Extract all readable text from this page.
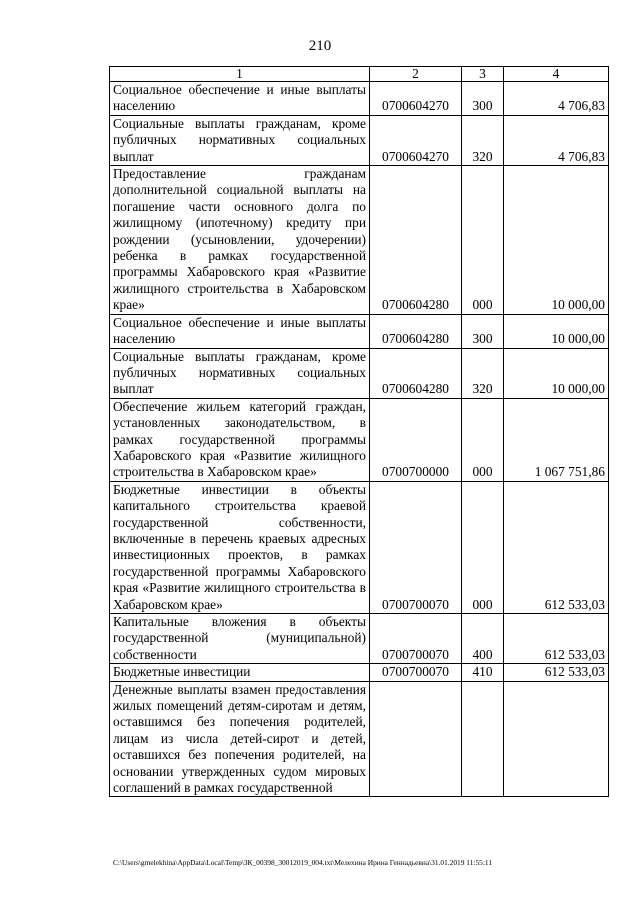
210
1	2	3	4
Социальное обеспечение и иные выплаты населению	0700604270	300	4 706,83
Социальные выплаты гражданам, кроме публичных нормативных социальных выплат	0700604270	320	4 706,83
Предоставление гражданам дополнительной социальной выплаты на погашение части основного долга по жилищному (ипотечному) кредиту при рождении (усыновлении, удочерении) ребенка в рамках государственной программы Хабаровского края «Развитие жилищного строительства в Хабаровском крае»	0700604280	000	10 000,00
Социальное обеспечение и иные выплаты населению	0700604280	300	10 000,00
Социальные выплаты гражданам, кроме публичных нормативных социальных выплат	0700604280	320	10 000,00
Обеспечение жильем категорий граждан, установленных законодательством, в рамках государственной программы Хабаровского края «Развитие жилищного строительства в Хабаровском крае»	0700700000	000	1 067 751,86
Бюджетные инвестиции в объекты капитального строительства краевой государственной собственности, включенные в перечень краевых адресных инвестиционных проектов, в рамках государственной программы Хабаровского края «Развитие жилищного строительства в Хабаровском крае»	0700700070	000	612 533,03
Капитальные вложения в объекты государственной (муниципальной) собственности	0700700070	400	612 533,03
Бюджетные инвестиции	0700700070	410	612 533,03
Денежные выплаты взамен предоставления жилых помещений детям-сиротам и детям, оставшимся без попечения родителей, лицам из числа детей-сирот и детей, оставшихся без попечения родителей, на основании утвержденных судом мировых соглашений в рамках государственной			
C:\Users\gmelekhina\AppData\Local\Temp\ЗК_00398_30012019_004.txt\Мелехина Ирина Геннадьевна\31.01.2019 11:55:11
